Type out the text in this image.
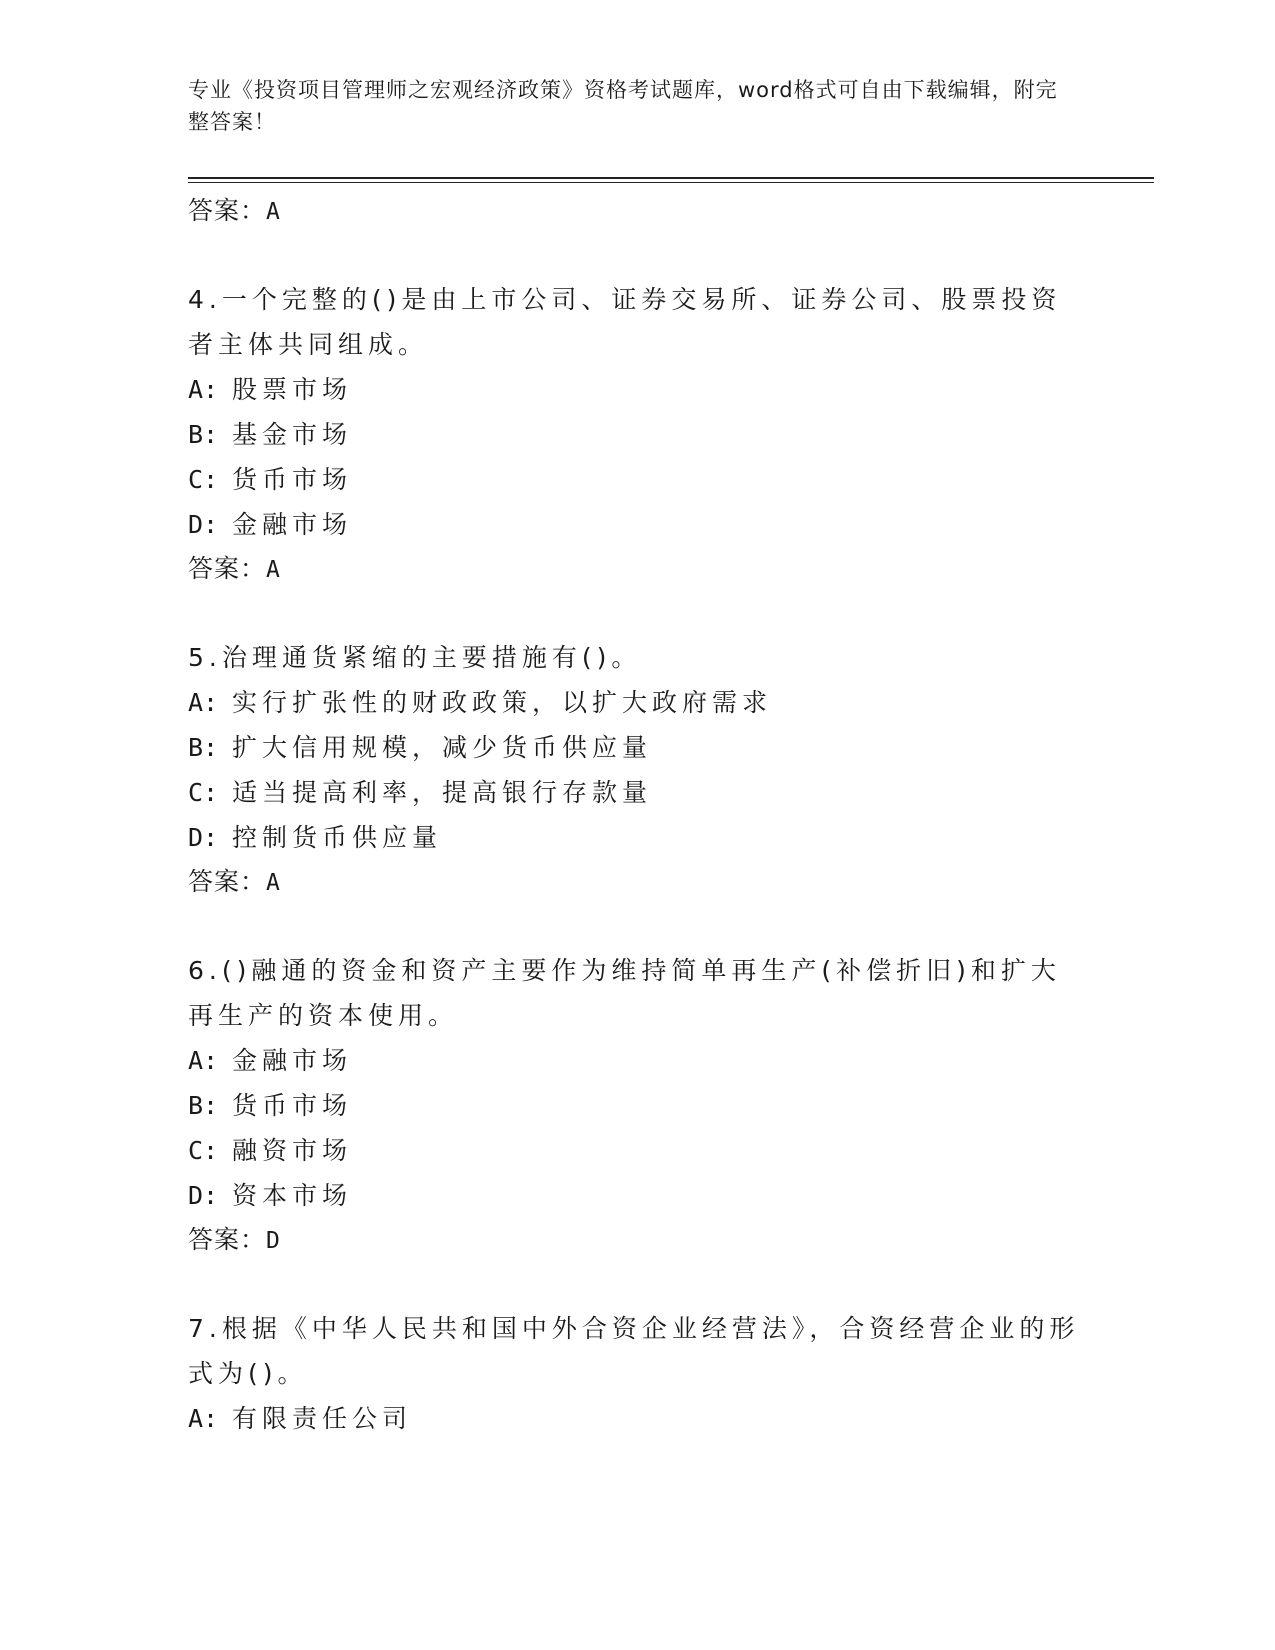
专业《投资项目管理师之宏观经济政策》资格考试题库，word格式可自由下载编辑，附完整答案！
答案：A
4.一个完整的()是由上市公司、证券交易所、证券公司、股票投资者主体共同组成。
A: 股票市场
B: 基金市场
C: 货币市场
D: 金融市场
答案：A
5.治理通货紧缩的主要措施有()。
A: 实行扩张性的财政政策，以扩大政府需求
B: 扩大信用规模，减少货币供应量
C: 适当提高利率，提高银行存款量
D: 控制货币供应量
答案：A
6.()融通的资金和资产主要作为维持简单再生产(补偿折旧)和扩大再生产的资本使用。
A: 金融市场
B: 货币市场
C: 融资市场
D: 资本市场
答案：D
7.根据《中华人民共和国中外合资企业经营法》，合资经营企业的形式为()。
A: 有限责任公司
